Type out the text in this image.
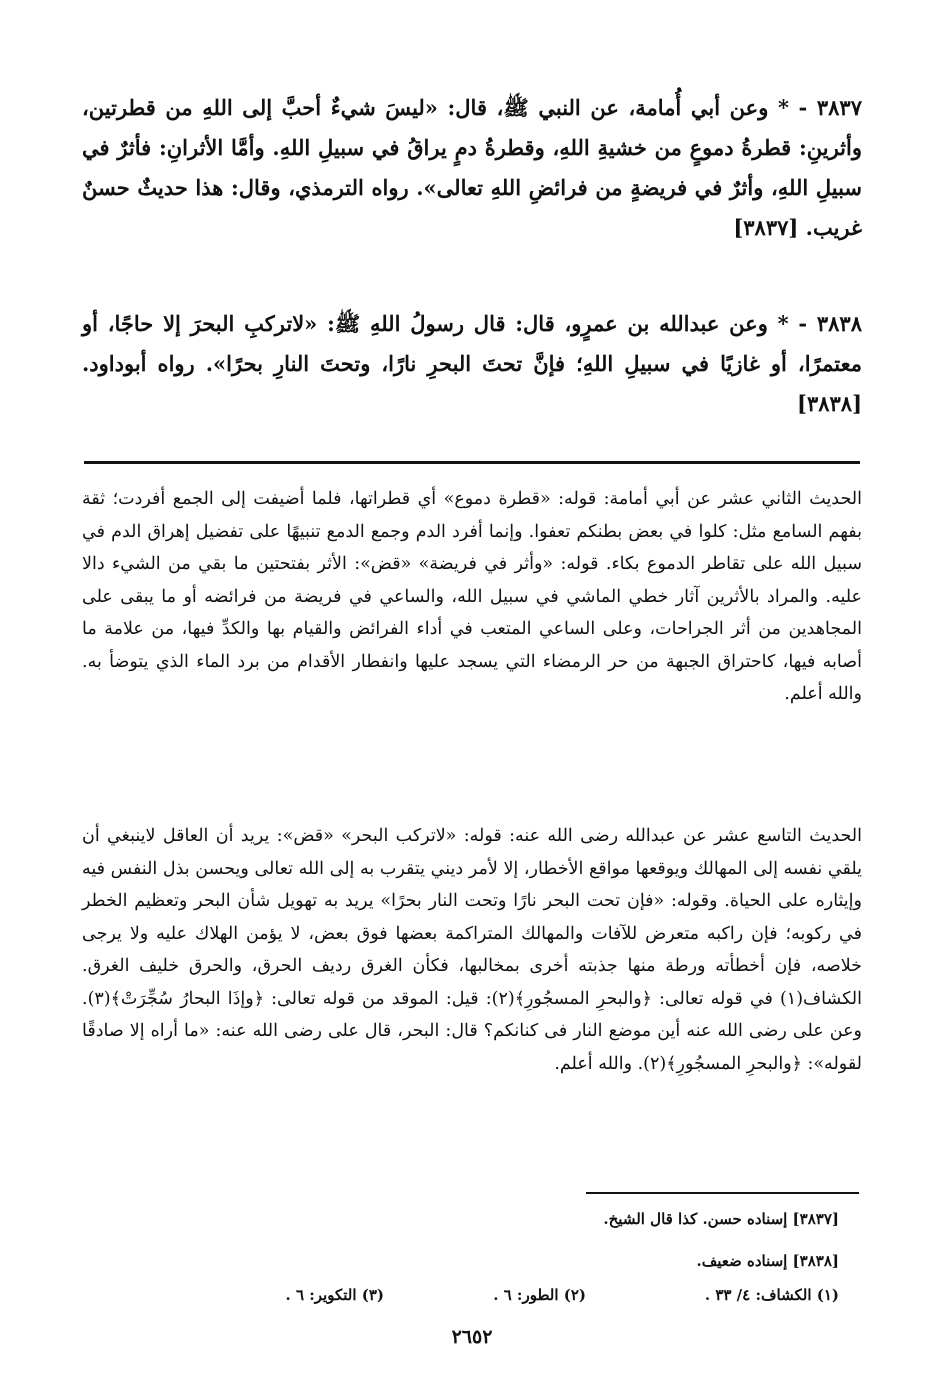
٣٨٣٧ - * وعن أبي أُمامة، عن النبي ﷺ، قال: «ليسَ شيءٌ أحبَّ إلى اللهِ من قطرتين، وأثرينِ: قطرةُ دموعٍ من خشيةِ اللهِ، وقطرةُ دمٍ يراقُ في سبيلِ اللهِ. وأمَّا الأثرانِ: فأثرٌ في سبيلِ اللهِ، وأثرٌ في فريضةٍ من فرائضِ اللهِ تعالى». رواه الترمذي، وقال: هذا حديثٌ حسنٌ غريب. [٣٨٣٧]
٣٨٣٨ - * وعن عبدالله بن عمرٍو، قال: قال رسولُ اللهِ ﷺ: «لاتركبِ البحرَ إلا حاجًا، أو معتمرًا، أو غازيًا في سبيلِ اللهِ؛ فإنَّ تحتَ البحرِ نارًا، وتحتَ النارِ بحرًا». رواه أبوداود. [٣٨٣٨]
الحديث الثاني عشر عن أبي أمامة: قوله: «قطرة دموع» أي قطراتها، فلما أضيفت إلى الجمع أفردت؛ ثقة بفهم السامع مثل: كلوا في بعض بطنكم تعفوا. وإنما أفرد الدم وجمع الدمع تنبيهًا على تفضيل إهراق الدم في سبيل الله على تقاطر الدموع بكاء. قوله: «وأثر في فريضة» «قض»: الأثر بفتحتين ما بقي من الشيء دالا عليه. والمراد بالأثرين آثار خطي الماشي في سبيل الله، والساعي في فريضة من فرائضه أو ما يبقى على المجاهدين من أثر الجراحات، وعلى الساعي المتعب في أداء الفرائض والقيام بها والكدِّ فيها، من علامة ما أصابه فيها، كاحتراق الجبهة من حر الرمضاء التي يسجد عليها وانفطار الأقدام من برد الماء الذي يتوضأ به. والله أعلم.
الحديث التاسع عشر عن عبدالله رضى الله عنه: قوله: «لاتركب البحر» «قض»: يريد أن العاقل لاينبغي أن يلقي نفسه إلى المهالك ويوقعها مواقع الأخطار، إلا لأمر ديني يتقرب به إلى الله تعالى ويحسن بذل النفس فيه وإيثاره على الحياة. وقوله: «فإن تحت البحر نارًا وتحت النار بحرًا» يريد به تهويل شأن البحر وتعظيم الخطر في ركوبه؛ فإن راكبه متعرض للآفات والمهالك المتراكمة بعضها فوق بعض، لا يؤمن الهلاك عليه ولا يرجى خلاصه، فإن أخطأته ورطة منها جذبته أخرى بمخالبها، فكأن الغرق رديف الحرق، والحرق خليف الغرق. الكشاف(١) في قوله تعالى: ﴿والبحرِ المسجُورِ﴾(٢): قيل: الموقد من قوله تعالى: ﴿وإذَا البحارُ سُجِّرَتْ﴾(٣). وعن على رضى الله عنه أين موضع النار فى كنانكم؟ قال: البحر، قال على رضى الله عنه: «ما أراه إلا صادقًا لقوله»: ﴿والبحرِ المسجُورِ﴾(٢). والله أعلم.
[٣٨٣٧] إسناده حسن. كذا قال الشيخ.
[٣٨٣٨] إسناده ضعيف.
(١) الكشاف: ٤/ ٣٣ .
(٢) الطور: ٦ .
(٣) التكوير: ٦ .
٢٦٥٢
